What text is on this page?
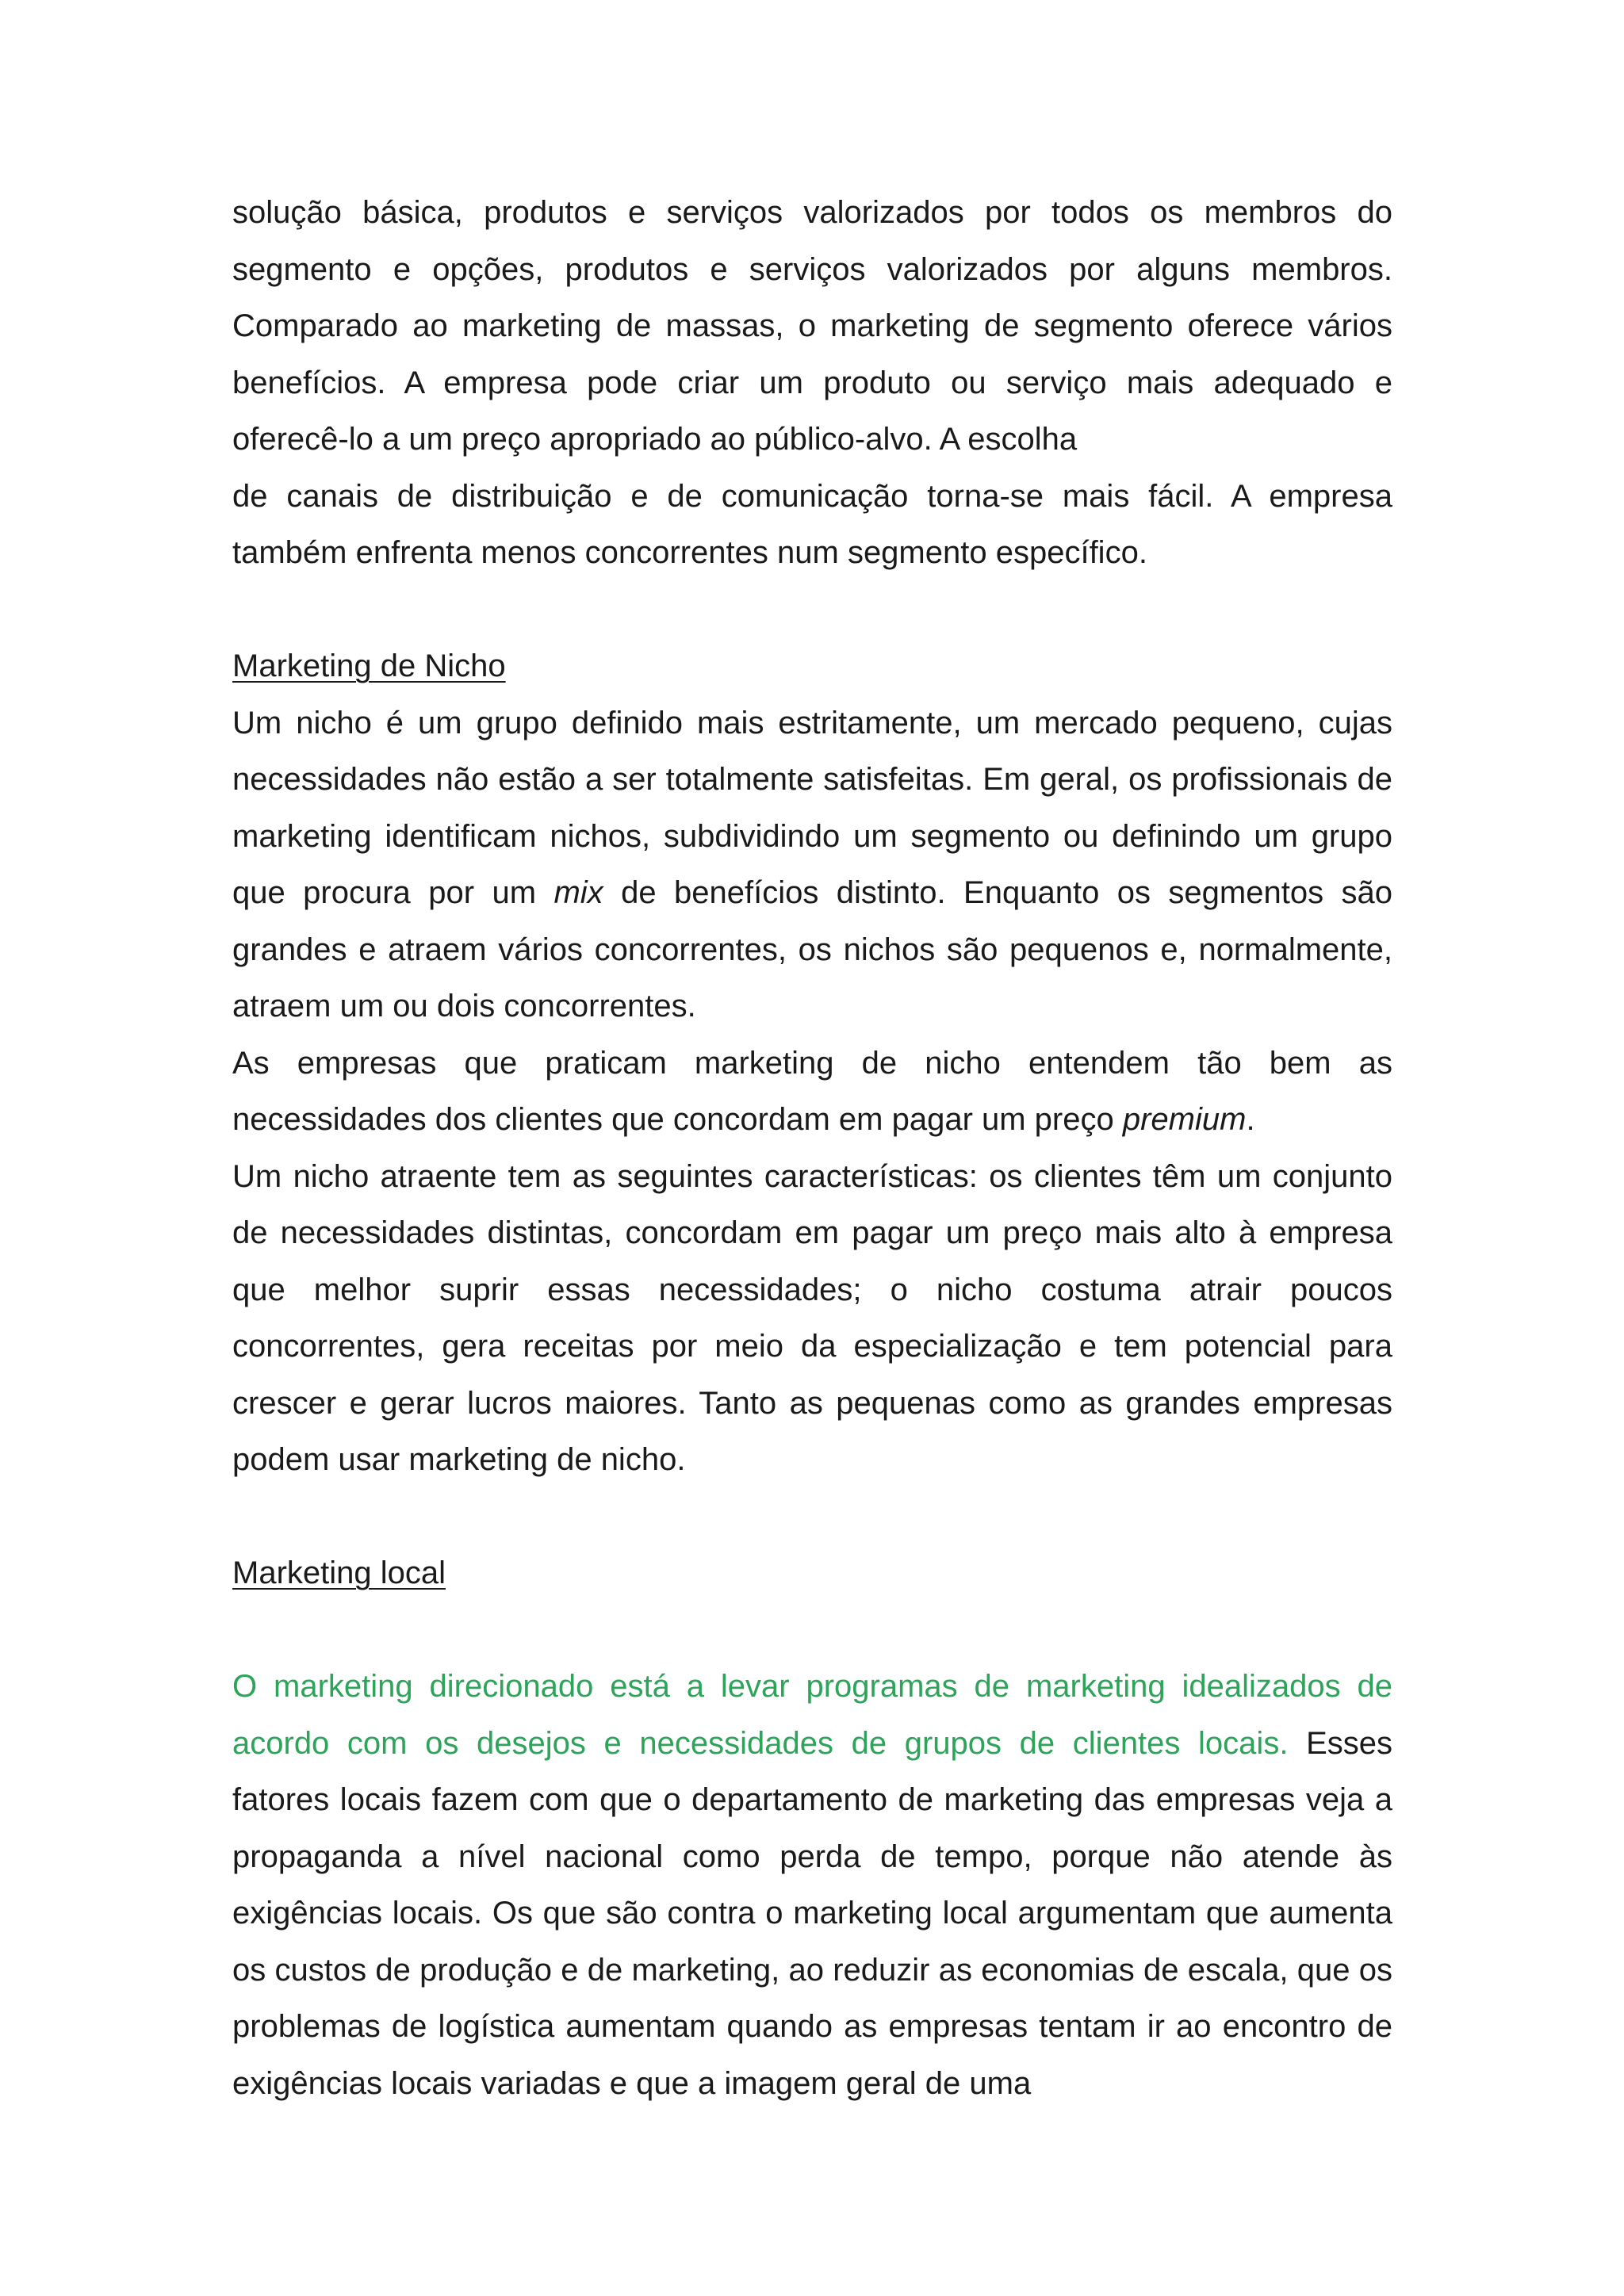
solução básica, produtos e serviços valorizados por todos os membros do segmento e opções, produtos e serviços valorizados por alguns membros. Comparado ao marketing de massas, o marketing de segmento oferece vários benefícios. A empresa pode criar um produto ou serviço mais adequado e oferecê-lo a um preço apropriado ao público-alvo. A escolha

de canais de distribuição e de comunicação torna-se mais fácil. A empresa também enfrenta menos concorrentes num segmento específico.

Marketing de Nicho

Um nicho é um grupo definido mais estritamente, um mercado pequeno, cujas necessidades não estão a ser totalmente satisfeitas. Em geral, os profissionais de marketing identificam nichos, subdividindo um segmento ou definindo um grupo que procura por um mix de benefícios distinto. Enquanto os segmentos são grandes e atraem vários concorrentes, os nichos são pequenos e, normalmente, atraem um ou dois concorrentes.

As empresas que praticam marketing de nicho entendem tão bem as necessidades dos clientes que concordam em pagar um preço premium.

Um nicho atraente tem as seguintes características: os clientes têm um conjunto de necessidades distintas, concordam em pagar um preço mais alto à empresa que melhor suprir essas necessidades; o nicho costuma atrair poucos concorrentes, gera receitas por meio da especialização e tem potencial para crescer e gerar lucros maiores. Tanto as pequenas como as grandes empresas podem usar marketing de nicho.

Marketing local

O marketing direcionado está a levar programas de marketing idealizados de acordo com os desejos e necessidades de grupos de clientes locais. Esses fatores locais fazem com que o departamento de marketing das empresas veja a propaganda a nível nacional como perda de tempo, porque não atende às exigências locais. Os que são contra o marketing local argumentam que aumenta os custos de produção e de marketing, ao reduzir as economias de escala, que os problemas de logística aumentam quando as empresas tentam ir ao encontro de exigências locais variadas e que a imagem geral de uma
